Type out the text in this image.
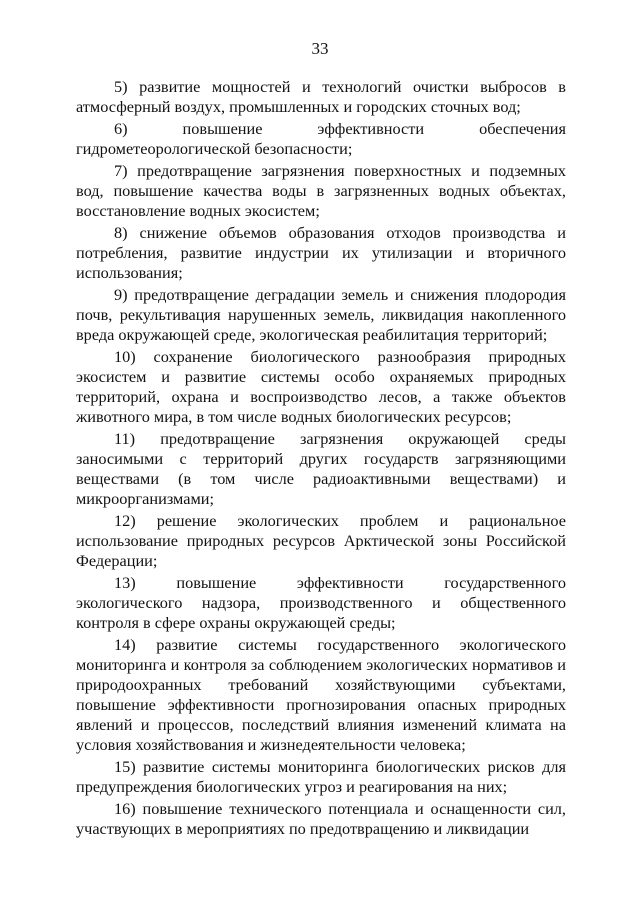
33

5) развитие мощностей и технологий очистки выбросов в атмосферный воздух, промышленных и городских сточных вод;

6) повышение эффективности обеспечения гидрометеорологической безопасности;

7) предотвращение загрязнения поверхностных и подземных вод, повышение качества воды в загрязненных водных объектах, восстановление водных экосистем;

8) снижение объемов образования отходов производства и потребления, развитие индустрии их утилизации и вторичного использования;

9) предотвращение деградации земель и снижения плодородия почв, рекультивация нарушенных земель, ликвидация накопленного вреда окружающей среде, экологическая реабилитация территорий;

10) сохранение биологического разнообразия природных экосистем и развитие системы особо охраняемых природных территорий, охрана и воспроизводство лесов, а также объектов животного мира, в том числе водных биологических ресурсов;

11) предотвращение загрязнения окружающей среды заносимыми с территорий других государств загрязняющими веществами (в том числе радиоактивными веществами) и микроорганизмами;

12) решение экологических проблем и рациональное использование природных ресурсов Арктической зоны Российской Федерации;

13) повышение эффективности государственного экологического надзора, производственного и общественного контроля в сфере охраны окружающей среды;

14) развитие системы государственного экологического мониторинга и контроля за соблюдением экологических нормативов и природоохранных требований хозяйствующими субъектами, повышение эффективности прогнозирования опасных природных явлений и процессов, последствий влияния изменений климата на условия хозяйствования и жизнедеятельности человека;

15) развитие системы мониторинга биологических рисков для предупреждения биологических угроз и реагирования на них;

16) повышение технического потенциала и оснащенности сил, участвующих в мероприятиях по предотвращению и ликвидации
